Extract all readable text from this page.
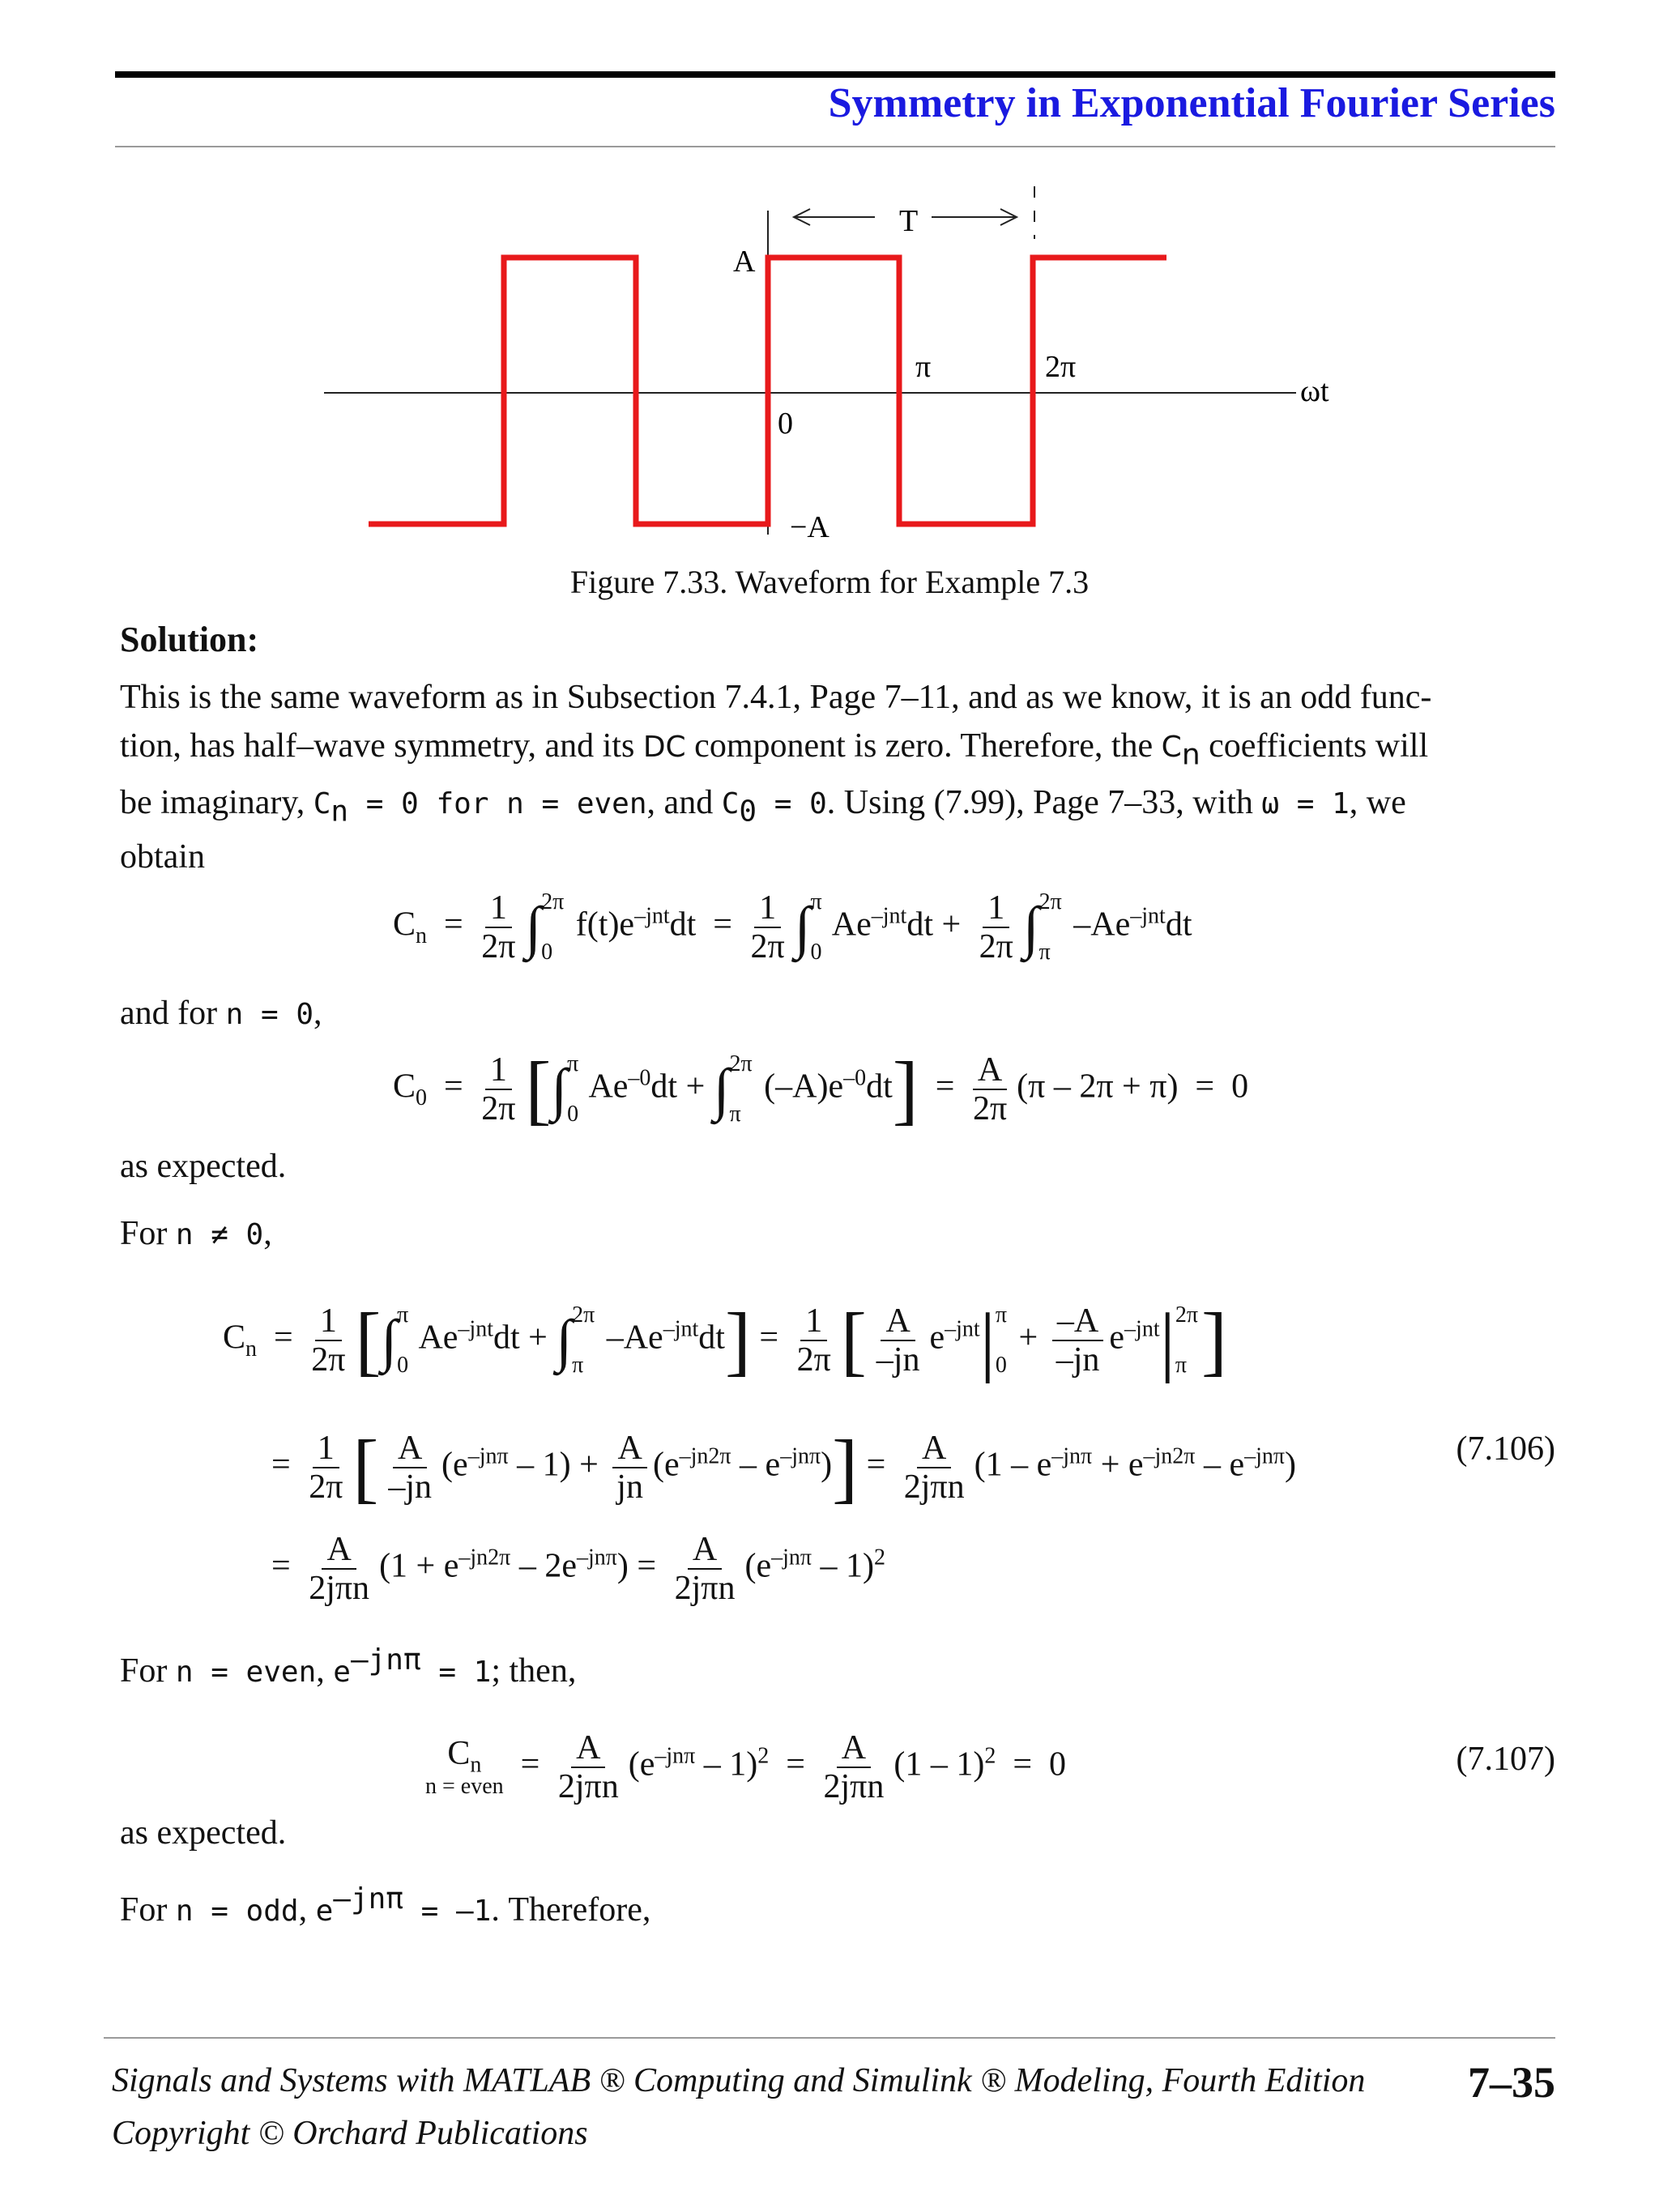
Symmetry in Exponential Fourier Series
T
A
0
π	2π
ωt
−A
Figure 7.33. Waveform for Example 7.3
Solution:
This is the same waveform as in Subsection 7.4.1, Page 7–11, and as we know, it is an odd func-
tion, has half–wave symmetry, and its DC component is zero. Therefore, the $C_n$ coefficients will
be imaginary, $C_n = 0$ for n = even, and $C_0 = 0$. Using (7.99), Page 7–33, with ω = 1, we
obtain
$C_n = \frac{1}{2\pi}$ ∫ 2π
0
$f(t)e^{-jnt}dt = \frac{1}{2\pi}$ ∫ π
0
$Ae^{-jnt}dt + \frac{1}{2\pi}$ ∫ 2π
π
$-Ae^{-jnt}dt$
and for n = 0,
$C_0 = \frac{1}{2\pi}$ [∫ π
0
$Ae^{-0}dt$ + ∫ 2π
π
$(-A)e^{-0}dt] = \frac{A}{2\pi} (\pi - 2\pi + \pi) = 0$
as expected.
For n ≠ 0,
$C_n = \frac{1}{2\pi}$ [∫ π
0
$Ae^{-jnt}dt$ + ∫ 2π
π
$-Ae^{-jnt}dt] = \frac{1}{2\pi}$ [ $\frac{A}{-jn} e^{-jnt}|$ π
0
+ $\frac{-A}{-jn} e^{-jnt}|$ 2π
π ]
= $\frac{1}{2\pi}$ [ $\frac{A}{-jn} (e^{-jn\pi} - 1) + \frac{A}{jn} (e^{-jn2\pi} - e^{-jn\pi})] = \frac{A}{\text{2jπn}} (1 - e^{-jn\pi} + e^{-jn2\pi} - e^{-jn\pi})$	(7.106)
= $\frac{A}{\text{2jπn}} (1 + e^{-jn2\pi} - 2e^{-jn\pi}) = \frac{A}{\text{2jπn}} (e^{-jn\pi} - 1)^2$
For n = even, $e^{-jn\pi} = 1$; then,
$C_n$
n = even
= $\frac{A}{\text{2jπn}} (e^{-jn\pi} - 1)^2 = \frac{A}{\text{2jπn}} (1 - 1)^2 = 0$	(7.107)
as expected.
For n = odd, $e^{-jn\pi} = -1$. Therefore,
Signals and Systems with MATLAB ® Computing and Simulink ® Modeling, Fourth Edition
Copyright © Orchard Publications
7–35
